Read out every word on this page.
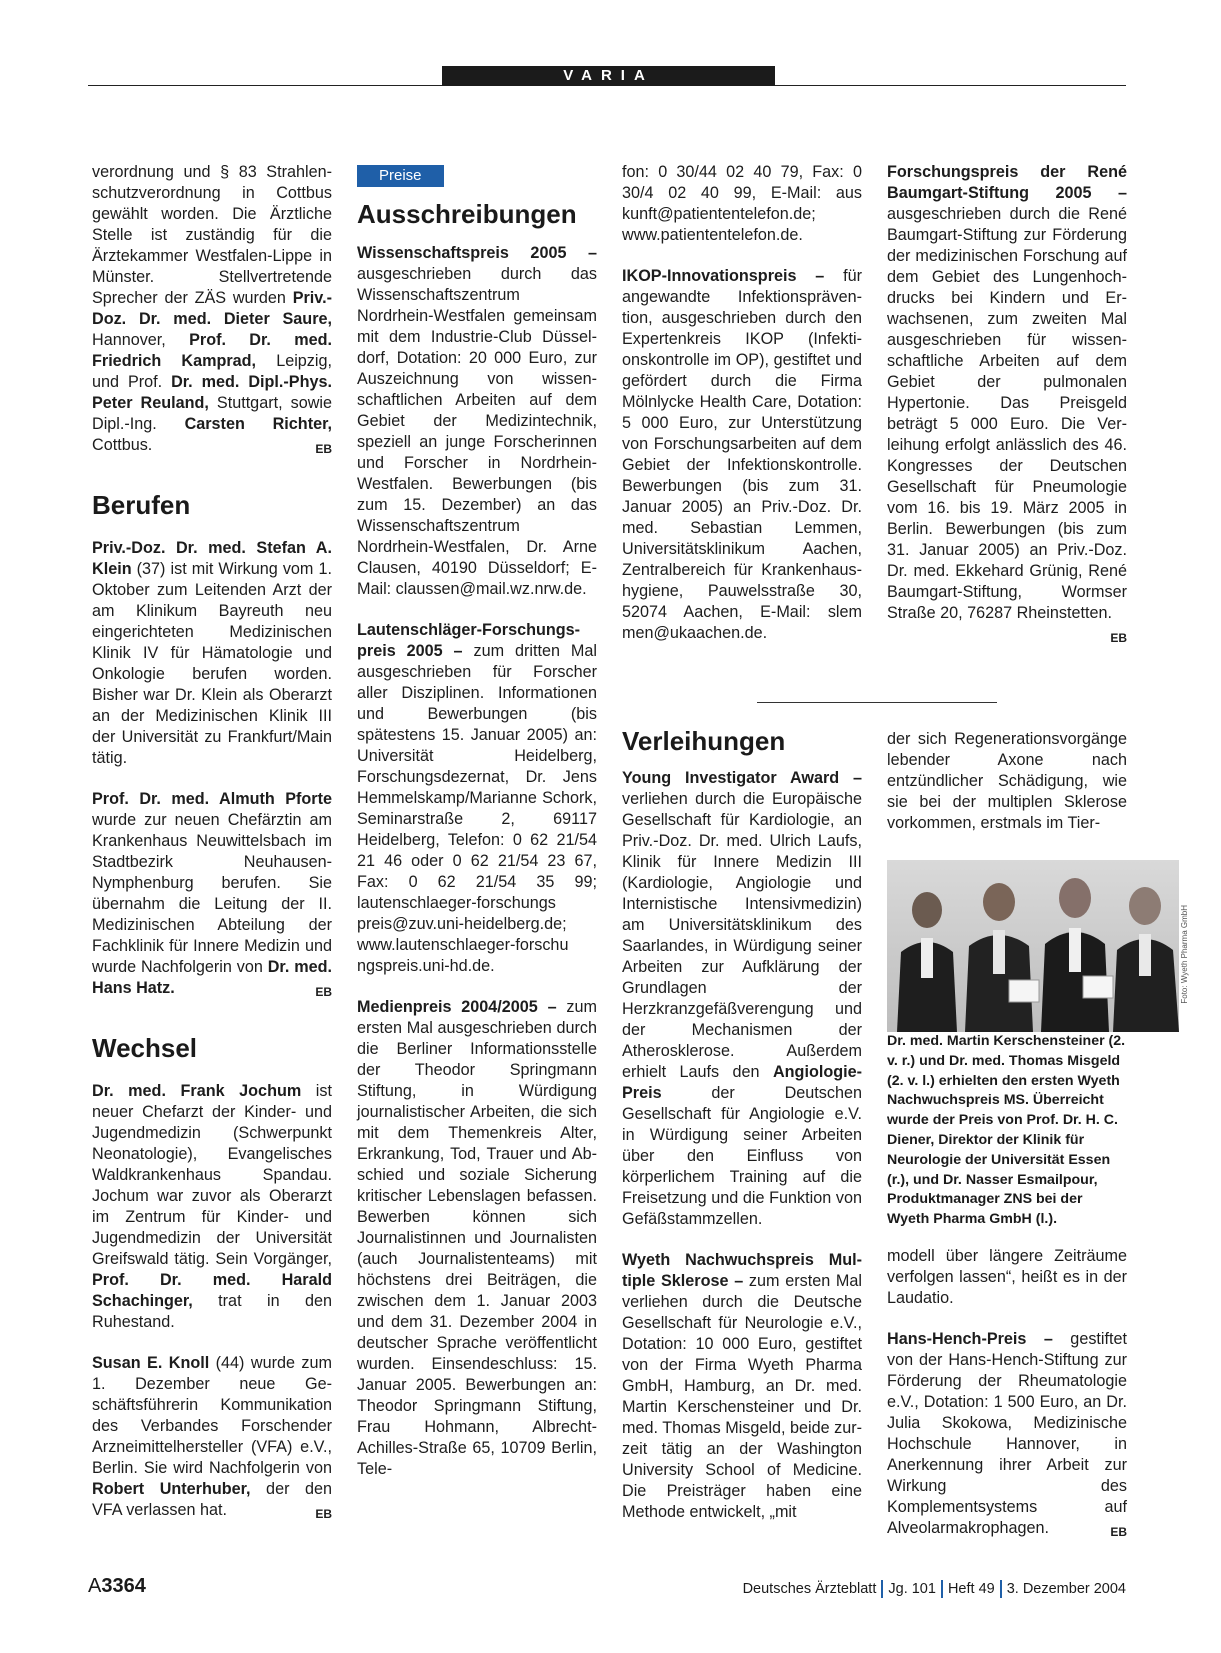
VARIA

verordnung und § 83 Strahlenschutzverordnung in Cottbus gewählt worden. Die Ärztliche Stelle ist zuständig für die Ärztekammer Westfalen-Lippe in Münster. Stellvertretende Sprecher der ZÄS wurden Priv.-Doz. Dr. med. Dieter Saure, Hannover, Prof. Dr. med. Friedrich Kamprad, Leipzig, und Prof. Dr. med. Dipl.-Phys. Peter Reuland, Stuttgart, sowie Dipl.-Ing. Carsten Richter, Cottbus.	EB

Berufen

Priv.-Doz. Dr. med. Stefan A. Klein (37) ist mit Wirkung vom 1. Oktober zum Leitenden Arzt der am Klinikum Bayreuth neu eingerichteten Medizinischen Klinik IV für Hämatologie und Onkologie berufen worden. Bisher war Dr. Klein als Oberarzt an der Medizinischen Klinik III der Universität zu Frankfurt/Main tätig.

Prof. Dr. med. Almuth Pforte wurde zur neuen Chefärztin am Krankenhaus Neuwittelsbach im Stadtbezirk Neuhausen-Nymphenburg berufen. Sie übernahm die Leitung der II. Medizinischen Abteilung der Fachklinik für Innere Medizin und wurde Nachfolgerin von Dr. med. Hans Hatz.	EB

Wechsel

Dr. med. Frank Jochum ist neuer Chefarzt der Kinder- und Jugendmedizin (Schwerpunkt Neonatologie), Evangelisches Waldkrankenhaus Spandau. Jochum war zuvor als Oberarzt im Zentrum für Kinder- und Jugendmedizin der Universität Greifswald tätig. Sein Vorgänger, Prof. Dr. med. Harald Schachinger, trat in den Ruhestand.

Susan E. Knoll (44) wurde zum 1. Dezember neue Geschäftsführerin Kommunikation des Verbandes Forschender Arzneimittelhersteller (VFA) e.V., Berlin. Sie wird Nachfolgerin von Robert Unterhuber, der den VFA verlassen hat.	EB

Preise
Ausschreibungen

Wissenschaftspreis 2005 – ausgeschrieben durch das Wissenschaftszentrum Nordrhein-Westfalen gemeinsam mit dem Industrie-Club Düsseldorf, Dotation: 20 000 Euro, zur Auszeichnung von wissenschaftlichen Arbeiten auf dem Gebiet der Medizintechnik, speziell an junge Forscherinnen und Forscher in Nordrhein-Westfalen. Bewerbungen (bis zum 15. Dezember) an das Wissenschaftszentrum Nordrhein-Westfalen, Dr. Arne Clausen, 40190 Düsseldorf; E-Mail: claussen@mail.wz.nrw.de.

Lautenschläger-Forschungspreis 2005 – zum dritten Mal ausgeschrieben für Forscher aller Disziplinen. Informationen und Bewerbungen (bis spätestens 15. Januar 2005) an: Universität Heidelberg, Forschungsdezernat, Dr. Jens Hemmelskamp/Marianne Schork, Seminarstraße 2, 69117 Heidelberg, Telefon: 0 62 21/54 21 46 oder 0 62 21/54 23 67, Fax: 0 62 21/54 35 99; lautenschlaeger-forschungs preis@zuv.uni-heidelberg.de; www.lautenschlaeger-forschu ngspreis.uni-hd.de.

Medienpreis 2004/2005 – zum ersten Mal ausgeschrieben durch die Berliner Informationsstelle der Theodor Springmann Stiftung, in Würdigung journalistischer Arbeiten, die sich mit dem Themenkreis Alter, Erkrankung, Tod, Trauer und Abschied und soziale Sicherung kritischer Lebenslagen befassen. Bewerben können sich Journalistinnen und Journalisten (auch Journalistenteams) mit höchstens drei Beiträgen, die zwischen dem 1. Januar 2003 und dem 31. Dezember 2004 in deutscher Sprache veröffentlicht wurden. Einsendeschluss: 15. Januar 2005. Bewerbungen an: Theodor Springmann Stiftung, Frau Hohmann, Albrecht-Achilles-Straße 65, 10709 Berlin, Tele-

fon: 0 30/44 02 40 79, Fax: 0 30/4 02 40 99, E-Mail: aus kunft@patiententelefon.de; www.patiententelefon.de.

IKOP-Innovationspreis – für angewandte Infektionsprävention, ausgeschrieben durch den Expertenkreis IKOP (Infektionskontrolle im OP), gestiftet und gefördert durch die Firma Mölnlycke Health Care, Dotation: 5 000 Euro, zur Unterstützung von Forschungsarbeiten auf dem Gebiet der Infektionskontrolle. Bewerbungen (bis zum 31. Januar 2005) an Priv.-Doz. Dr. med. Sebastian Lemmen, Universitätsklinikum Aachen, Zentralbereich für Krankenhaushygiene, Pauwelsstraße 30, 52074 Aachen, E-Mail: slem men@ukaachen.de.

Forschungspreis der René Baumgart-Stiftung 2005 – ausgeschrieben durch die René Baumgart-Stiftung zur Förderung der medizinischen Forschung auf dem Gebiet des Lungenhochdrucks bei Kindern und Erwachsenen, zum zweiten Mal ausgeschrieben für wissenschaftliche Arbeiten auf dem Gebiet der pulmonalen Hypertonie. Das Preisgeld beträgt 5 000 Euro. Die Verleihung erfolgt anlässlich des 46. Kongresses der Deutschen Gesellschaft für Pneumologie vom 16. bis 19. März 2005 in Berlin. Bewerbungen (bis zum 31. Januar 2005) an Priv.-Doz. Dr. med. Ekkehard Grünig, René Baumgart-Stiftung, Wormser Straße 20, 76287 Rheinstetten.
EB

Verleihungen

Young Investigator Award – verliehen durch die Europäische Gesellschaft für Kardiologie, an Priv.-Doz. Dr. med. Ulrich Laufs, Klinik für Innere Medizin III (Kardiologie, Angiologie und Internistische Intensivmedizin) am Universitätsklinikum des Saarlandes, in Würdigung seiner Arbeiten zur Aufklärung der Grundlagen der Herzkranzgefäßverengung und der Mechanismen der Atherosklerose. Außerdem erhielt Laufs den Angiologie-Preis der Deutschen Gesellschaft für Angiologie e.V. in Würdigung seiner Arbeiten über den Einfluss von körperlichem Training auf die Freisetzung und die Funktion von Gefäßstammzellen.

Wyeth Nachwuchspreis Multiple Sklerose – zum ersten Mal verliehen durch die Deutsche Gesellschaft für Neurologie e.V., Dotation: 10 000 Euro, gestiftet von der Firma Wyeth Pharma GmbH, Hamburg, an Dr. med. Martin Kerschensteiner und Dr. med. Thomas Misgeld, beide zurzeit tätig an der Washington University School of Medicine. Die Preisträger haben eine Methode entwickelt, „mit

der sich Regenerationsvorgänge lebender Axone nach entzündlicher Schädigung, wie sie bei der multiplen Sklerose vorkommen, erstmals im Tier-

Foto: Wyeth Pharma GmbH
Dr. med. Martin Kerschensteiner (2. v. r.) und Dr. med. Thomas Misgeld (2. v. l.) erhielten den ersten Wyeth Nachwuchspreis MS. Überreicht wurde der Preis von Prof. Dr. H. C. Diener, Direktor der Klinik für Neurologie der Universität Essen (r.), und Dr. Nasser Esmailpour, Produktmanager ZNS bei der Wyeth Pharma GmbH (l.).

modell über längere Zeiträume verfolgen lassen“, heißt es in der Laudatio.

Hans-Hench-Preis – gestiftet von der Hans-Hench-Stiftung zur Förderung der Rheumatologie e.V., Dotation: 1 500 Euro, an Dr. Julia Skokowa, Medizinische Hochschule Hannover, in Anerkennung ihrer Arbeit zur Wirkung des Komplementsystems auf Alveolarmakrophagen.	EB

A3364	Deutsches Ärzteblatt Jg. 101 Heft 49 3. Dezember 2004
